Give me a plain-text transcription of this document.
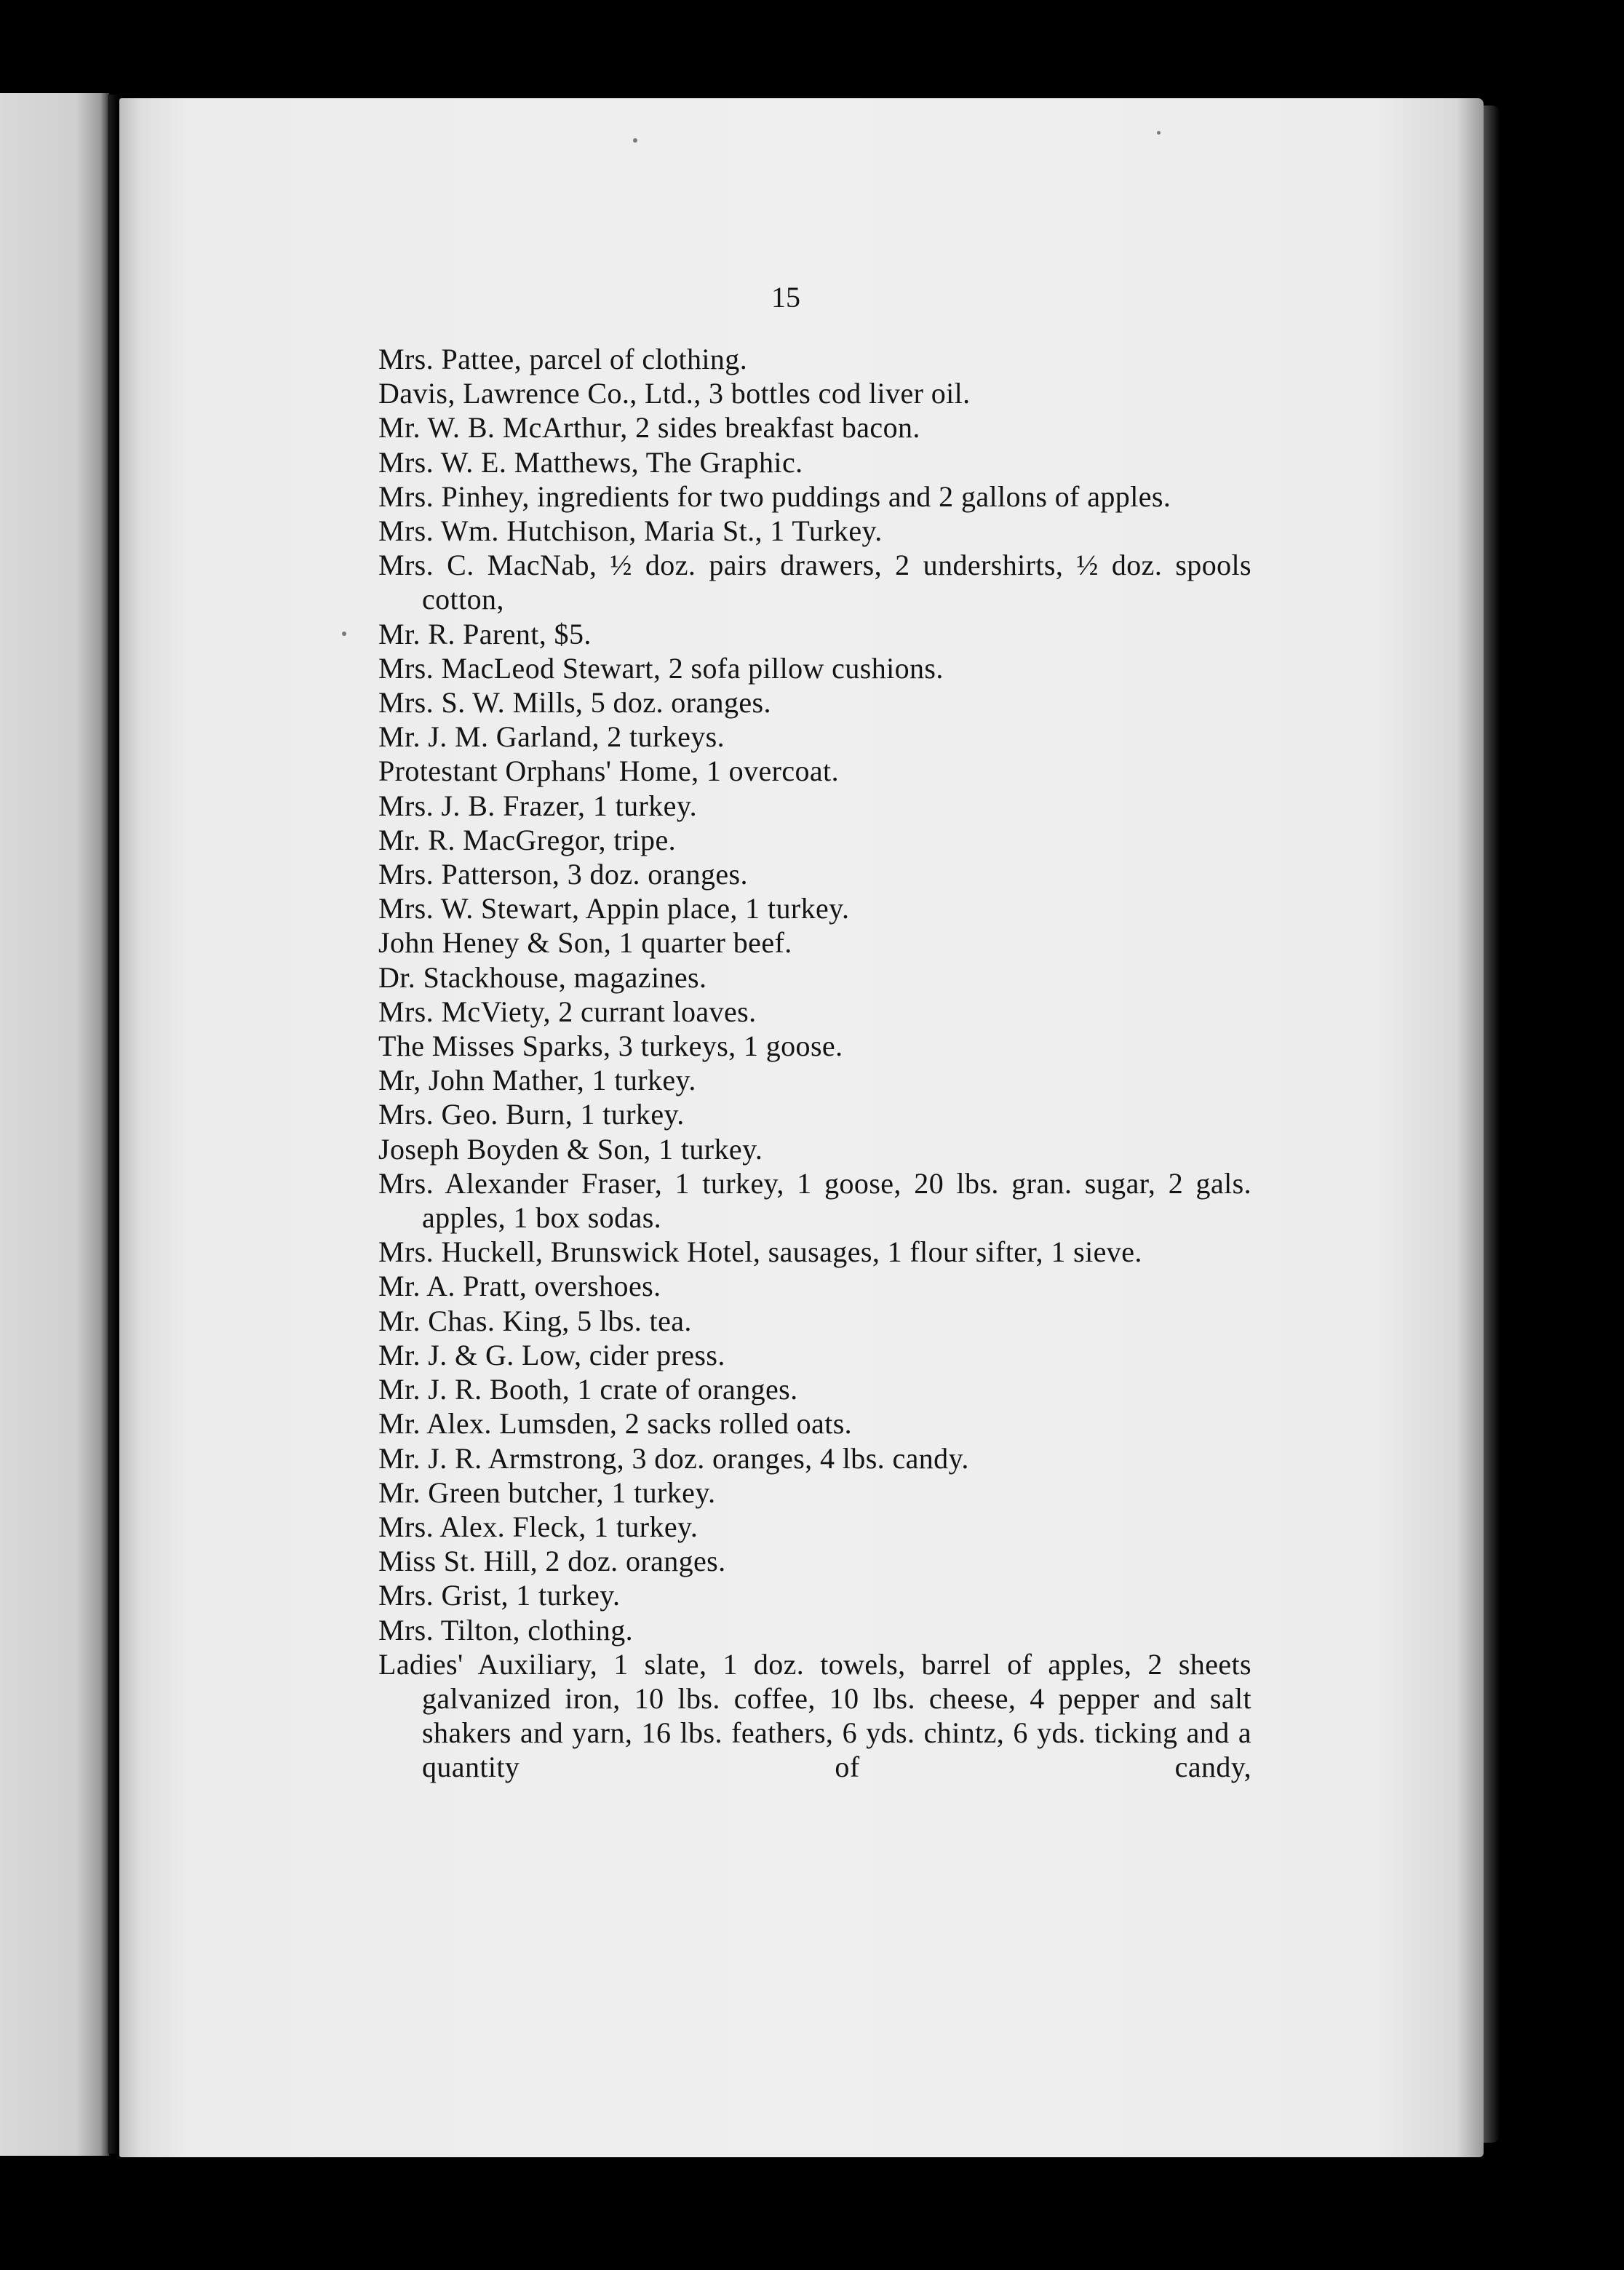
15

Mrs. Pattee, parcel of clothing.

Davis, Lawrence Co., Ltd., 3 bottles cod liver oil.

Mr. W. B. McArthur, 2 sides breakfast bacon.

Mrs. W. E. Matthews, The Graphic.

Mrs. Pinhey, ingredients for two puddings and 2 gallons of apples.

Mrs. Wm. Hutchison, Maria St., 1 Turkey.

Mrs. C. MacNab, ½ doz. pairs drawers, 2 undershirts, ½ doz. spools cotton,

Mr. R. Parent, $5.

Mrs. MacLeod Stewart, 2 sofa pillow cushions.

Mrs. S. W. Mills, 5 doz. oranges.

Mr. J. M. Garland, 2 turkeys.

Protestant Orphans' Home, 1 overcoat.

Mrs. J. B. Frazer, 1 turkey.

Mr. R. MacGregor, tripe.

Mrs. Patterson, 3 doz. oranges.

Mrs. W. Stewart, Appin place, 1 turkey.

John Heney & Son, 1 quarter beef.

Dr. Stackhouse, magazines.

Mrs. McViety, 2 currant loaves.

The Misses Sparks, 3 turkeys, 1 goose.

Mr, John Mather, 1 turkey.

Mrs. Geo. Burn, 1 turkey.

Joseph Boyden & Son, 1 turkey.

Mrs. Alexander Fraser, 1 turkey, 1 goose, 20 lbs. gran. sugar, 2 gals. apples, 1 box sodas.

Mrs. Huckell, Brunswick Hotel, sausages, 1 flour sifter, 1 sieve.

Mr. A. Pratt, overshoes.

Mr. Chas. King, 5 lbs. tea.

Mr. J. & G. Low, cider press.

Mr. J. R. Booth, 1 crate of oranges.

Mr. Alex. Lumsden, 2 sacks rolled oats.

Mr. J. R. Armstrong, 3 doz. oranges, 4 lbs. candy.

Mr. Green butcher, 1 turkey.

Mrs. Alex. Fleck, 1 turkey.

Miss St. Hill, 2 doz. oranges.

Mrs. Grist, 1 turkey.

Mrs. Tilton, clothing.

Ladies' Auxiliary, 1 slate, 1 doz. towels, barrel of apples, 2 sheets galvanized iron, 10 lbs. coffee, 10 lbs. cheese, 4 pepper and salt shakers and yarn, 16 lbs. feathers, 6 yds. chintz, 6 yds. ticking and a quantity of candy,
